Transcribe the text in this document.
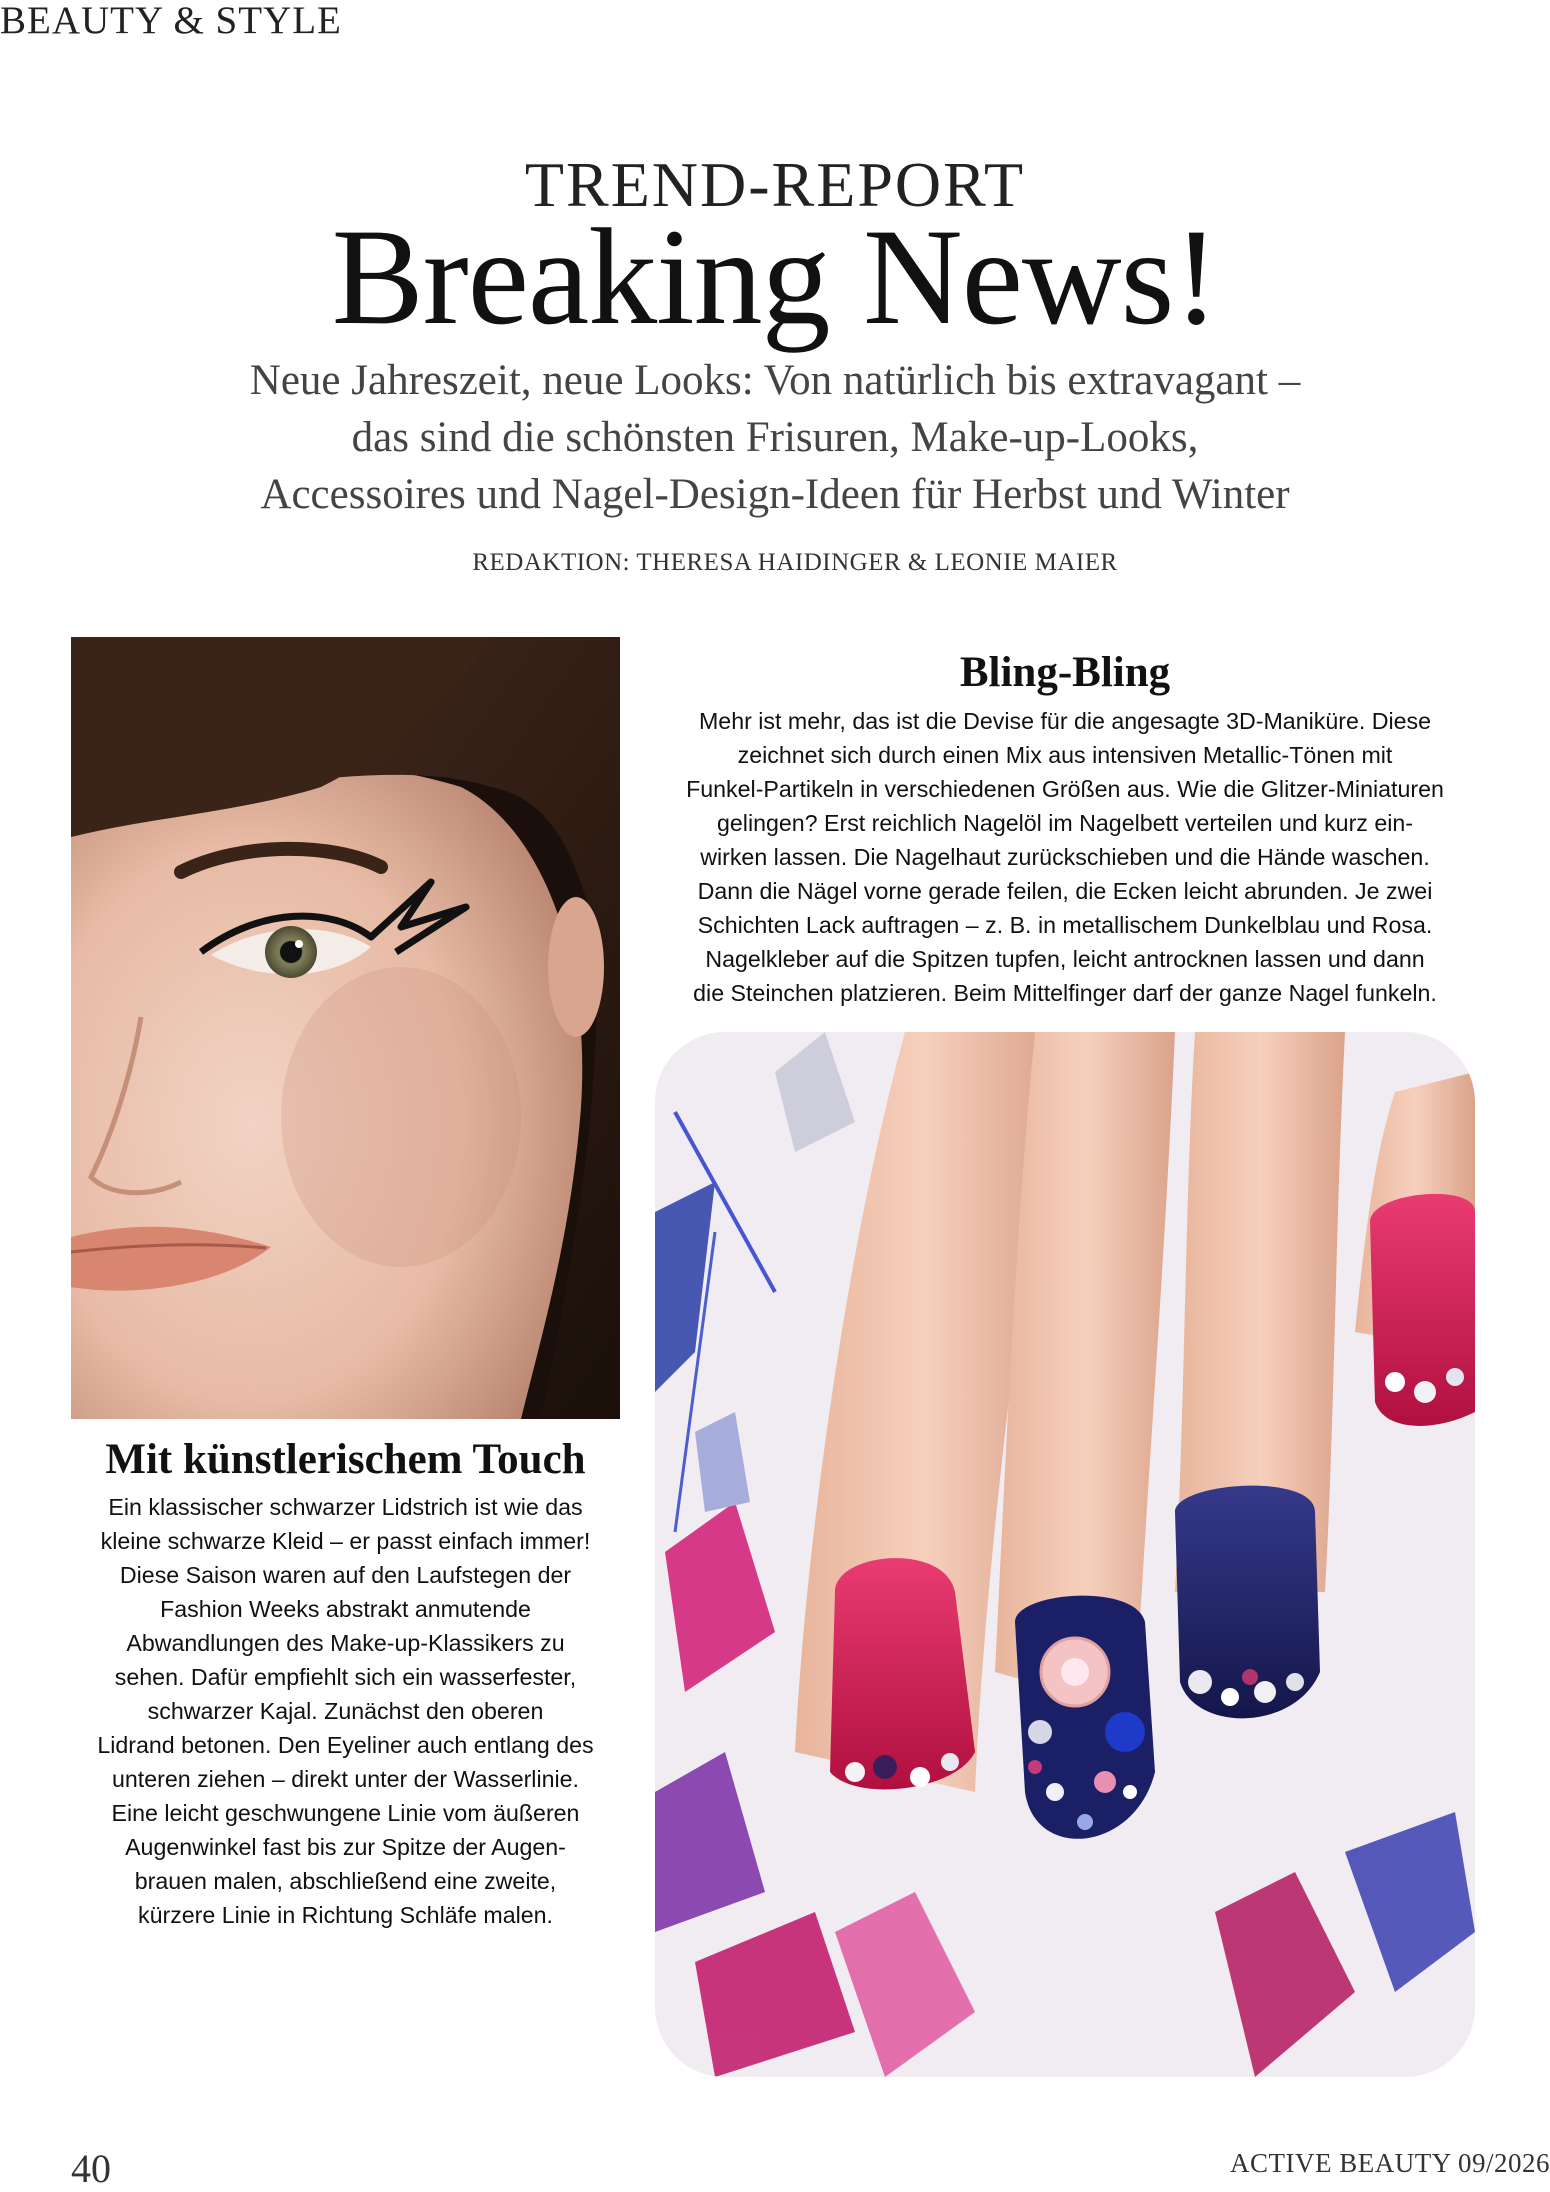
BEAUTY & STYLE
TREND-REPORT
Breaking News!
Neue Jahreszeit, neue Looks: Von natürlich bis extravagant –
das sind die schönsten Frisuren, Make-up-Looks,
Accessoires und Nagel-Design-Ideen für Herbst und Winter
REDAKTION: THERESA HAIDINGER & LEONIE MAIER
Mit künstlerischem Touch
Ein klassischer schwarzer Lidstrich ist wie das
kleine schwarze Kleid – er passt einfach immer!
Diese Saison waren auf den Laufstegen der
Fashion Weeks abstrakt anmutende
Abwandlungen des Make-up-Klassikers zu
sehen. Dafür empfiehlt sich ein wasserfester,
schwarzer Kajal. Zunächst den oberen
Lidrand betonen. Den Eyeliner auch entlang des
unteren ziehen – direkt unter der Wasserlinie.
Eine leicht geschwungene Linie vom äußeren
Augenwinkel fast bis zur Spitze der Augen-
brauen malen, abschließend eine zweite,
kürzere Linie in Richtung Schläfe malen.
Bling-Bling
Mehr ist mehr, das ist die Devise für die angesagte 3D-Maniküre. Diese
zeichnet sich durch einen Mix aus intensiven Metallic-Tönen mit
Funkel-Partikeln in verschiedenen Größen aus. Wie die Glitzer-Miniaturen
gelingen? Erst reichlich Nagelöl im Nagelbett verteilen und kurz ein-
wirken lassen. Die Nagelhaut zurückschieben und die Hände waschen.
Dann die Nägel vorne gerade feilen, die Ecken leicht abrunden. Je zwei
Schichten Lack auftragen – z. B. in metallischem Dunkelblau und Rosa.
Nagelkleber auf die Spitzen tupfen, leicht antrocknen lassen und dann
die Steinchen platzieren. Beim Mittelfinger darf der ganze Nagel funkeln.
40	ACTIVE BEAUTY 09/2026
